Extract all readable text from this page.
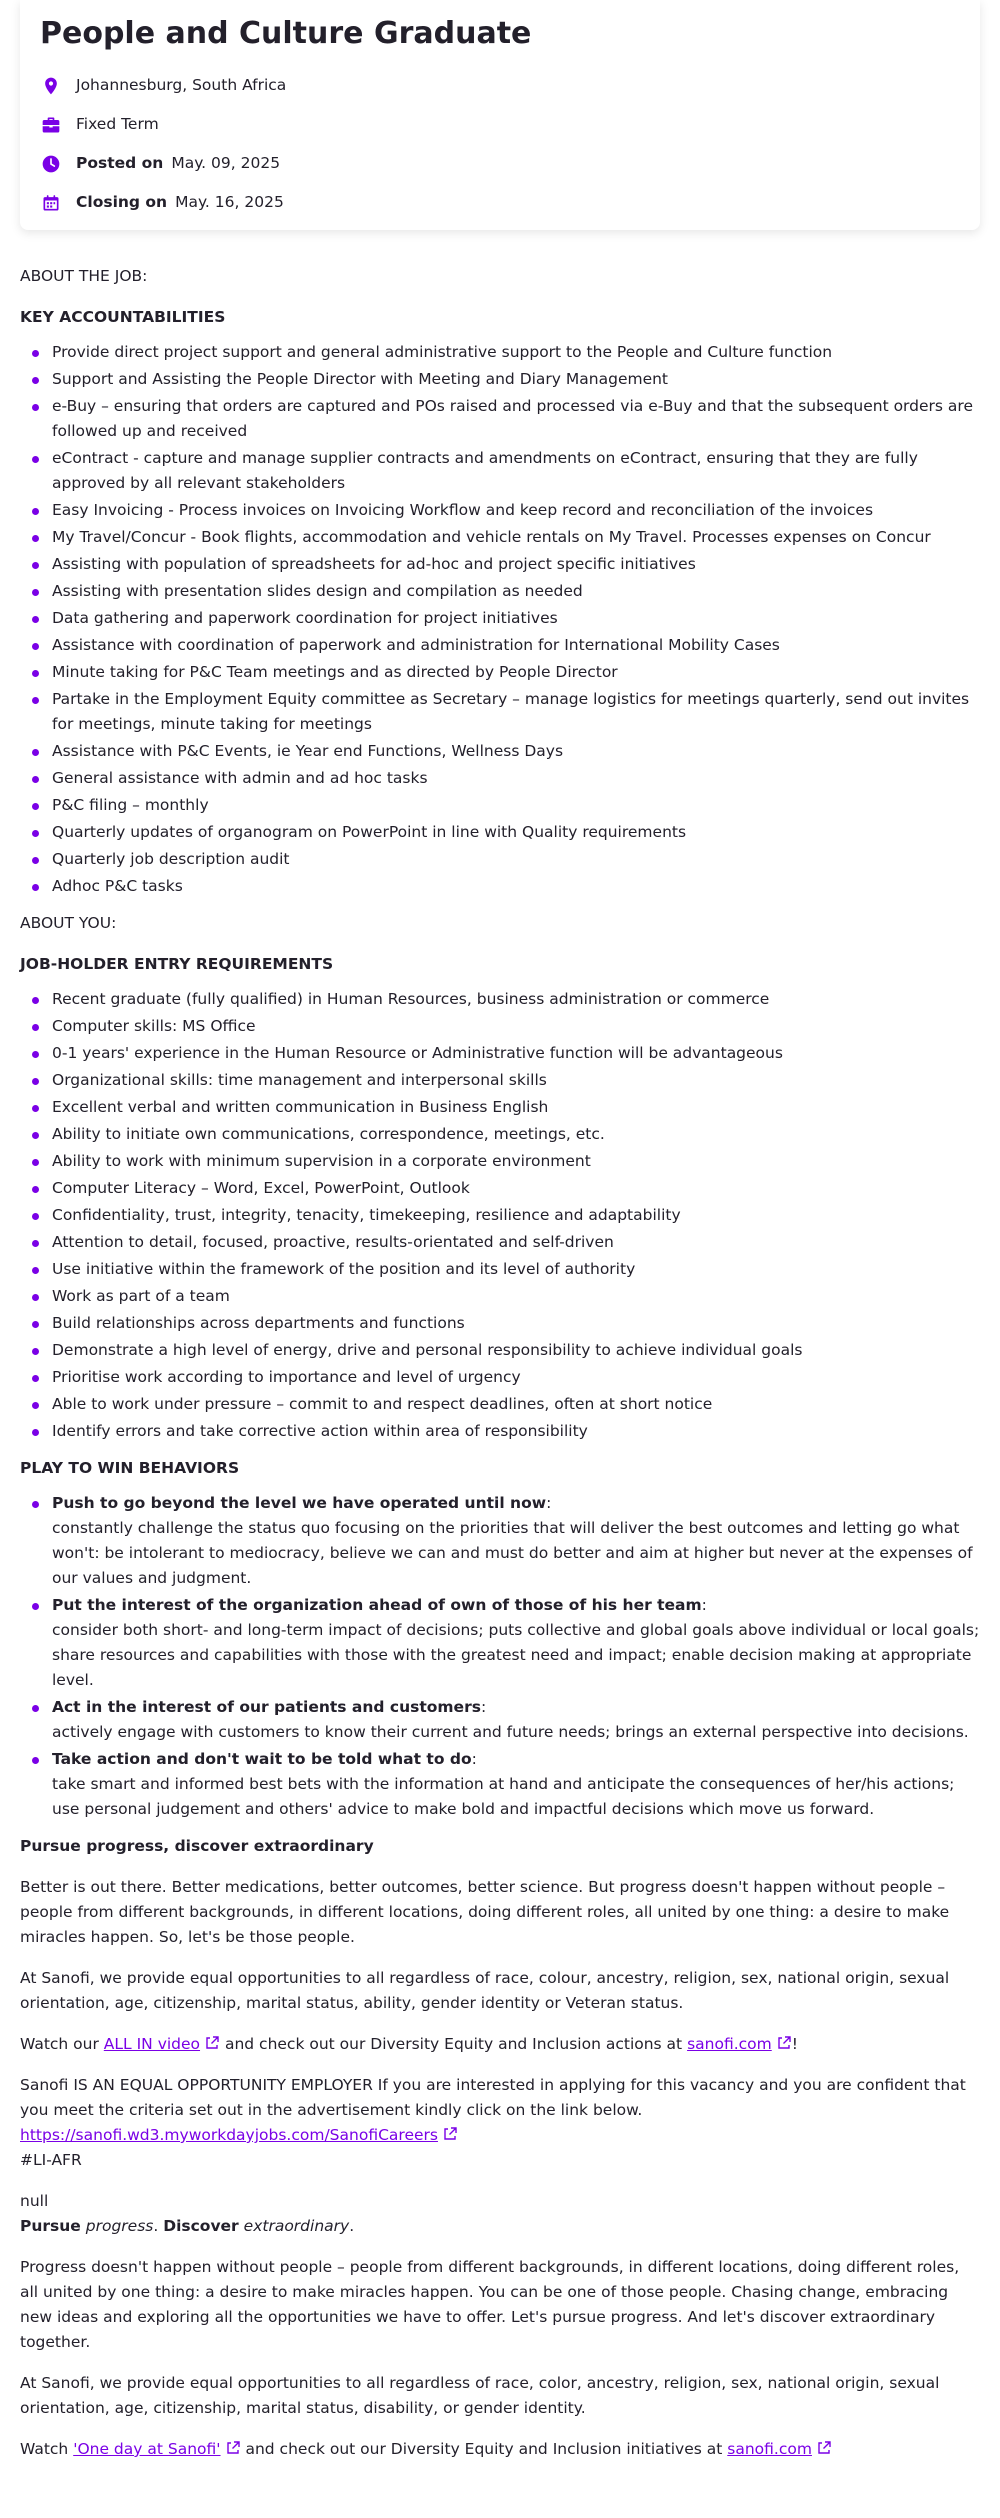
People and Culture Graduate
Johannesburg, South Africa
Fixed Term
Posted on May. 09, 2025
Closing on May. 16, 2025

ABOUT THE JOB:

KEY ACCOUNTABILITIES

Provide direct project support and general administrative support to the People and Culture function
Support and Assisting the People Director with Meeting and Diary Management
e-Buy – ensuring that orders are captured and POs raised and processed via e-Buy and that the subsequent orders are followed up and received
eContract - capture and manage supplier contracts and amendments on eContract, ensuring that they are fully approved by all relevant stakeholders
Easy Invoicing - Process invoices on Invoicing Workflow and keep record and reconciliation of the invoices
My Travel/Concur - Book flights, accommodation and vehicle rentals on My Travel. Processes expenses on Concur
Assisting with population of spreadsheets for ad-hoc and project specific initiatives
Assisting with presentation slides design and compilation as needed
Data gathering and paperwork coordination for project initiatives
Assistance with coordination of paperwork and administration for International Mobility Cases
Minute taking for P&C Team meetings and as directed by People Director
Partake in the Employment Equity committee as Secretary – manage logistics for meetings quarterly, send out invites for meetings, minute taking for meetings
Assistance with P&C Events, ie Year end Functions, Wellness Days
General assistance with admin and ad hoc tasks
P&C filing – monthly
Quarterly updates of organogram on PowerPoint in line with Quality requirements
Quarterly job description audit
Adhoc P&C tasks

ABOUT YOU:

JOB-HOLDER ENTRY REQUIREMENTS

Recent graduate (fully qualified) in Human Resources, business administration or commerce
Computer skills: MS Office
0-1 years' experience in the Human Resource or Administrative function will be advantageous
Organizational skills: time management and interpersonal skills
Excellent verbal and written communication in Business English
Ability to initiate own communications, correspondence, meetings, etc.
Ability to work with minimum supervision in a corporate environment
Computer Literacy – Word, Excel, PowerPoint, Outlook
Confidentiality, trust, integrity, tenacity, timekeeping, resilience and adaptability
Attention to detail, focused, proactive, results-orientated and self-driven
Use initiative within the framework of the position and its level of authority
Work as part of a team
Build relationships across departments and functions
Demonstrate a high level of energy, drive and personal responsibility to achieve individual goals
Prioritise work according to importance and level of urgency
Able to work under pressure – commit to and respect deadlines, often at short notice
Identify errors and take corrective action within area of responsibility

PLAY TO WIN BEHAVIORS

Push to go beyond the level we have operated until now:
constantly challenge the status quo focusing on the priorities that will deliver the best outcomes and letting go what won't: be intolerant to mediocracy, believe we can and must do better and aim at higher but never at the expenses of our values and judgment.
Put the interest of the organization ahead of own of those of his her team:
consider both short- and long-term impact of decisions; puts collective and global goals above individual or local goals; share resources and capabilities with those with the greatest need and impact; enable decision making at appropriate level.
Act in the interest of our patients and customers:
actively engage with customers to know their current and future needs; brings an external perspective into decisions.
Take action and don't wait to be told what to do:
take smart and informed best bets with the information at hand and anticipate the consequences of her/his actions; use personal judgement and others' advice to make bold and impactful decisions which move us forward.

Pursue progress, discover extraordinary

Better is out there. Better medications, better outcomes, better science. But progress doesn't happen without people – people from different backgrounds, in different locations, doing different roles, all united by one thing: a desire to make miracles happen. So, let's be those people.

At Sanofi, we provide equal opportunities to all regardless of race, colour, ancestry, religion, sex, national origin, sexual orientation, age, citizenship, marital status, ability, gender identity or Veteran status.

Watch our ALL IN video and check out our Diversity Equity and Inclusion actions at sanofi.com !

Sanofi IS AN EQUAL OPPORTUNITY EMPLOYER If you are interested in applying for this vacancy and you are confident that you meet the criteria set out in the advertisement kindly click on the link below.

https://sanofi.wd3.myworkdayjobs.com/SanofiCareers

#LI-AFR

null

Pursue progress. Discover extraordinary.

Progress doesn't happen without people – people from different backgrounds, in different locations, doing different roles, all united by one thing: a desire to make miracles happen. You can be one of those people. Chasing change, embracing new ideas and exploring all the opportunities we have to offer. Let's pursue progress. And let's discover extraordinary together.

At Sanofi, we provide equal opportunities to all regardless of race, color, ancestry, religion, sex, national origin, sexual orientation, age, citizenship, marital status, disability, or gender identity.

Watch 'One day at Sanofi' and check out our Diversity Equity and Inclusion initiatives at sanofi.com
